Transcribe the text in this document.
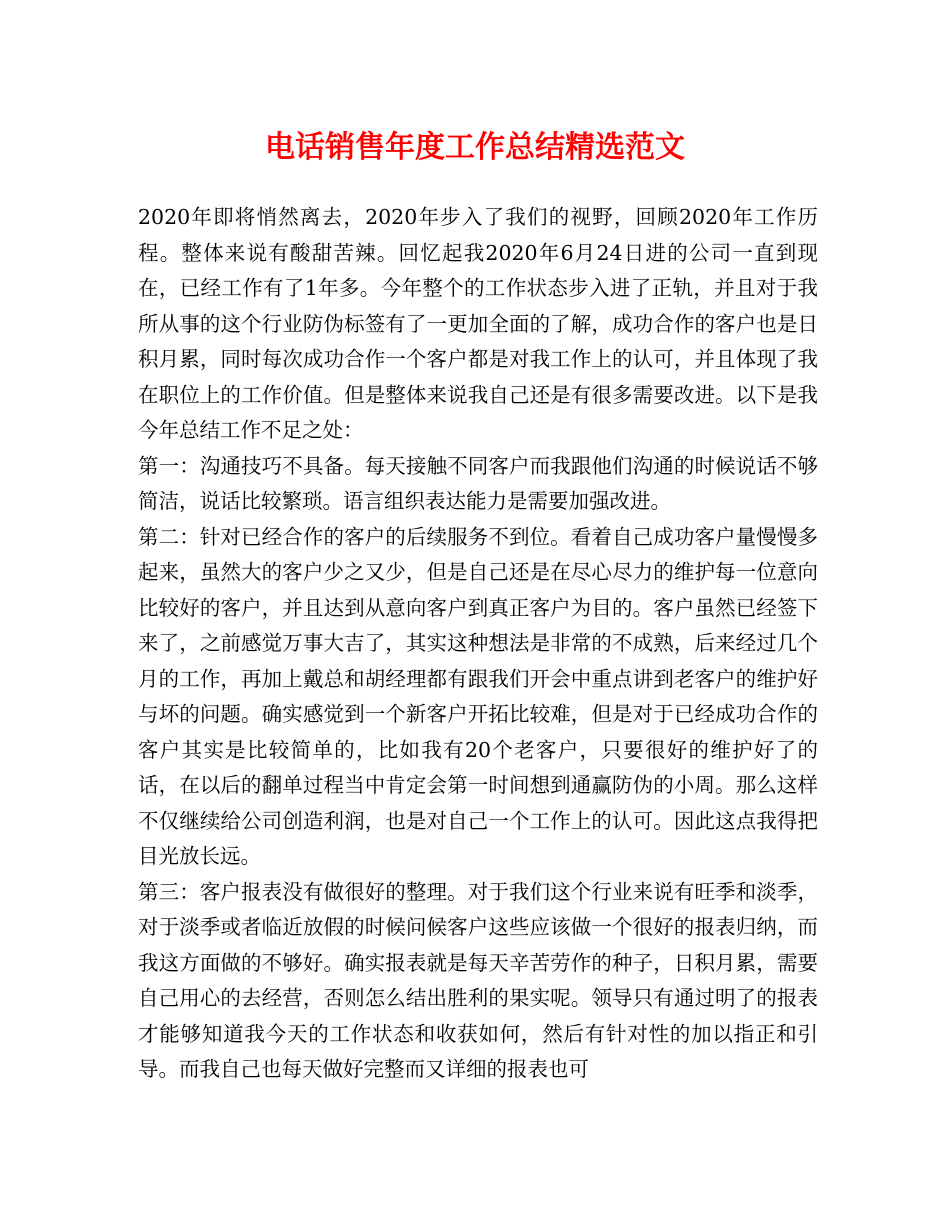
电话销售年度工作总结精选范文

2020年即将悄然离去，2020年步入了我们的视野，回顾2020年工作历程。整体来说有酸甜苦辣。回忆起我2020年6月24日进的公司一直到现在，已经工作有了1年多。今年整个的工作状态步入进了正轨，并且对于我所从事的这个行业防伪标签有了一更加全面的了解，成功合作的客户也是日积月累，同时每次成功合作一个客户都是对我工作上的认可，并且体现了我在职位上的工作价值。但是整体来说我自己还是有很多需要改进。以下是我今年总结工作不足之处：

第一：沟通技巧不具备。每天接触不同客户而我跟他们沟通的时候说话不够简洁，说话比较繁琐。语言组织表达能力是需要加强改进。

第二：针对已经合作的客户的后续服务不到位。看着自己成功客户量慢慢多起来，虽然大的客户少之又少，但是自己还是在尽心尽力的维护每一位意向比较好的客户，并且达到从意向客户到真正客户为目的。客户虽然已经签下来了，之前感觉万事大吉了，其实这种想法是非常的不成熟，后来经过几个月的工作，再加上戴总和胡经理都有跟我们开会中重点讲到老客户的维护好与坏的问题。确实感觉到一个新客户开拓比较难，但是对于已经成功合作的客户其实是比较简单的，比如我有20个老客户，只要很好的维护好了的话，在以后的翻单过程当中肯定会第一时间想到通赢防伪的小周。那么这样不仅继续给公司创造利润，也是对自己一个工作上的认可。因此这点我得把目光放长远。

第三：客户报表没有做很好的整理。对于我们这个行业来说有旺季和淡季，对于淡季或者临近放假的时候问候客户这些应该做一个很好的报表归纳，而我这方面做的不够好。确实报表就是每天辛苦劳作的种子，日积月累，需要自己用心的去经营，否则怎么结出胜利的果实呢。领导只有通过明了的报表才能够知道我今天的工作状态和收获如何，然后有针对性的加以指正和引导。而我自己也每天做好完整而又详细的报表也可
